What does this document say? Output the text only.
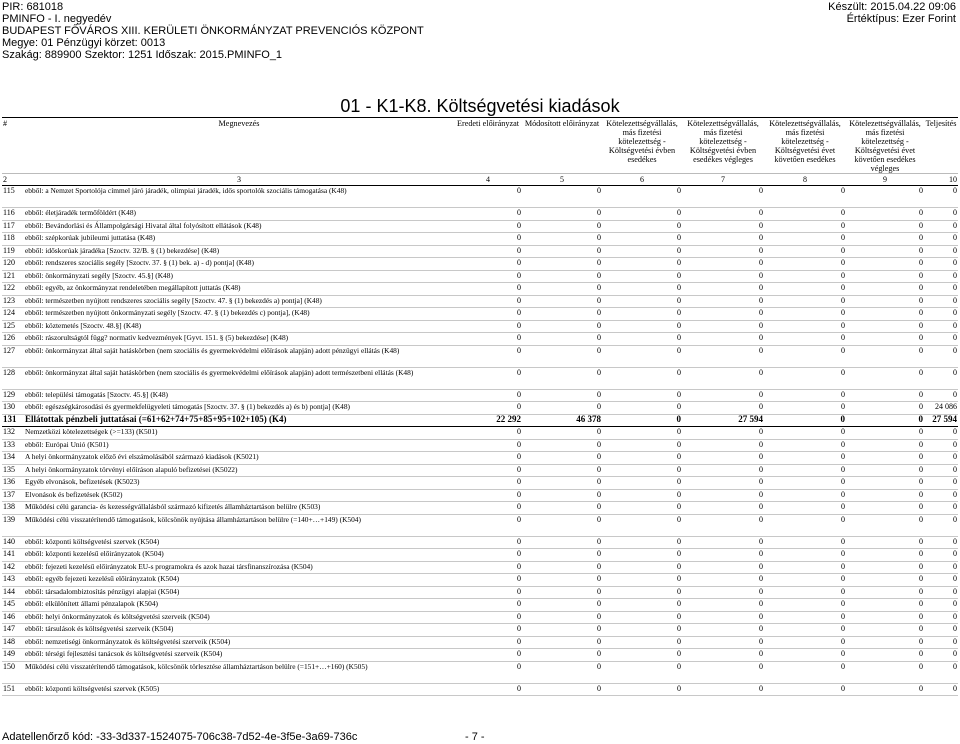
PIR: 681018
PMINFO - I. negyedév
BUDAPEST FŐVÁROS XIII. KERÜLETI ÖNKORMÁNYZAT PREVENCIÓS KÖZPONT
Megye: 01 Pénzügyi körzet: 0013
Szakág: 889900 Szektor: 1251 Időszak: 2015.PMINFO_1
Készült: 2015.04.22 09:06
Értéktípus: Ezer Forint
01 - K1-K8. Költségvetési kiadások
#	Megnevezés	Eredeti előirányzat	Módosított előirányzat	Kötelezettségvállalás, más fizetési kötelezettség - Költségvetési évben esedékes	Kötelezettségvállalás, más fizetési kötelezettség - Költségvetési évben esedékes végleges	Kötelezettségvállalás, más fizetési kötelezettség - Költségvetési évet követően esedékes	Kötelezettségvállalás, más fizetési kötelezettség - Költségvetési évet követően esedékes végleges	Teljesítés
2	3	4	5	6	7	8	9	10
115	ebből: a Nemzet Sportolója címmel járó járadék, olimpiai járadék, idős sportolók szociális támogatása (K48)	0	0	0	0	0	0	0
116	ebből: életjáradék termőföldért (K48)	0	0	0	0	0	0	0
117	ebből: Bevándorlási és Állampolgársági Hivatal által folyósított ellátások (K48)	0	0	0	0	0	0	0
118	ebből: szépkorúak jubileumi juttatása (K48)	0	0	0	0	0	0	0
119	ebből: időskorúak járadéka [Szoctv. 32/B. § (1) bekezdése] (K48)	0	0	0	0	0	0	0
120	ebből: rendszeres szociális segély [Szoctv. 37. § (1) bek. a) - d) pontja] (K48)	0	0	0	0	0	0	0
121	ebből: önkormányzati segély [Szoctv. 45.§] (K48)	0	0	0	0	0	0	0
122	ebből: egyéb, az önkormányzat rendeletében megállapított juttatás (K48)	0	0	0	0	0	0	0
123	ebből: természetben nyújtott rendszeres szociális segély [Szoctv. 47. § (1) bekezdés a) pontja] (K48)	0	0	0	0	0	0	0
124	ebből: természetben nyújtott önkormányzati segély [Szoctv. 47. § (1) bekezdés c) pontja], (K48)	0	0	0	0	0	0	0
125	ebből: köztemetés [Szoctv. 48.§] (K48)	0	0	0	0	0	0	0
126	ebből: rászorultságtól függ? normatív kedvezmények [Gyvt. 151. § (5) bekezdése] (K48)	0	0	0	0	0	0	0
127	ebből: önkormányzat által saját hatáskörben (nem szociális és gyermekvédelmi előírások alapján) adott pénzügyi ellátás (K48)	0	0	0	0	0	0	0
128	ebből: önkormányzat által saját hatáskörben (nem szociális és gyermekvédelmi előírások alapján) adott természetbeni ellátás (K48)	0	0	0	0	0	0	0
129	ebből: települési támogatás [Szoctv. 45.§] (K48)	0	0	0	0	0	0	0
130	ebből: egészségkárosodási és gyermekfelügyeleti támogatás [Szoctv. 37. § (1) bekezdés a) és b) pontja] (K48)	0	0	0	0	0	0	24 086
131	Ellátottak pénzbeli juttatásai (=61+62+74+75+85+95+102+105) (K4)	22 292	46 378	0	27 594	0	0	27 594
132	Nemzetközi kötelezettségek (>=133) (K501)	0	0	0	0	0	0	0
133	ebből: Európai Unió (K501)	0	0	0	0	0	0	0
134	A helyi önkormányzatok előző évi elszámolásából származó kiadások (K5021)	0	0	0	0	0	0	0
135	A helyi önkormányzatok törvényi előíráson alapuló befizetései (K5022)	0	0	0	0	0	0	0
136	Egyéb elvonások, befizetések (K5023)	0	0	0	0	0	0	0
137	Elvonások és befizetések (K502)	0	0	0	0	0	0	0
138	Működési célú garancia- és kezességvállalásból származó kifizetés államháztartáson belülre (K503)	0	0	0	0	0	0	0
139	Működési célú visszatérítendő támogatások, kölcsönök nyújtása államháztartáson belülre (=140+…+149) (K504)	0	0	0	0	0	0	0
140	ebből: központi költségvetési szervek (K504)	0	0	0	0	0	0	0
141	ebből: központi kezelésű előirányzatok (K504)	0	0	0	0	0	0	0
142	ebből: fejezeti kezelésű előirányzatok EU-s programokra és azok hazai társfinanszírozása (K504)	0	0	0	0	0	0	0
143	ebből: egyéb fejezeti kezelésű előirányzatok (K504)	0	0	0	0	0	0	0
144	ebből: társadalombiztosítás pénzügyi alapjai (K504)	0	0	0	0	0	0	0
145	ebből: elkülönített állami pénzalapok (K504)	0	0	0	0	0	0	0
146	ebből: helyi önkormányzatok és költségvetési szerveik (K504)	0	0	0	0	0	0	0
147	ebből: társulások és költségvetési szerveik (K504)	0	0	0	0	0	0	0
148	ebből: nemzetiségi önkormányzatok és költségvetési szerveik (K504)	0	0	0	0	0	0	0
149	ebből: térségi fejlesztési tanácsok és költségvetési szerveik (K504)	0	0	0	0	0	0	0
150	Működési célú visszatérítendő támogatások, kölcsönök törlesztése államháztartáson belülre (=151+…+160) (K505)	0	0	0	0	0	0	0
151	ebből: központi költségvetési szervek (K505)	0	0	0	0	0	0	0
Adatellenőrző kód: -33-3d337-1524075-706c38-7d52-4e-3f5e-3a69-736c	- 7 -
